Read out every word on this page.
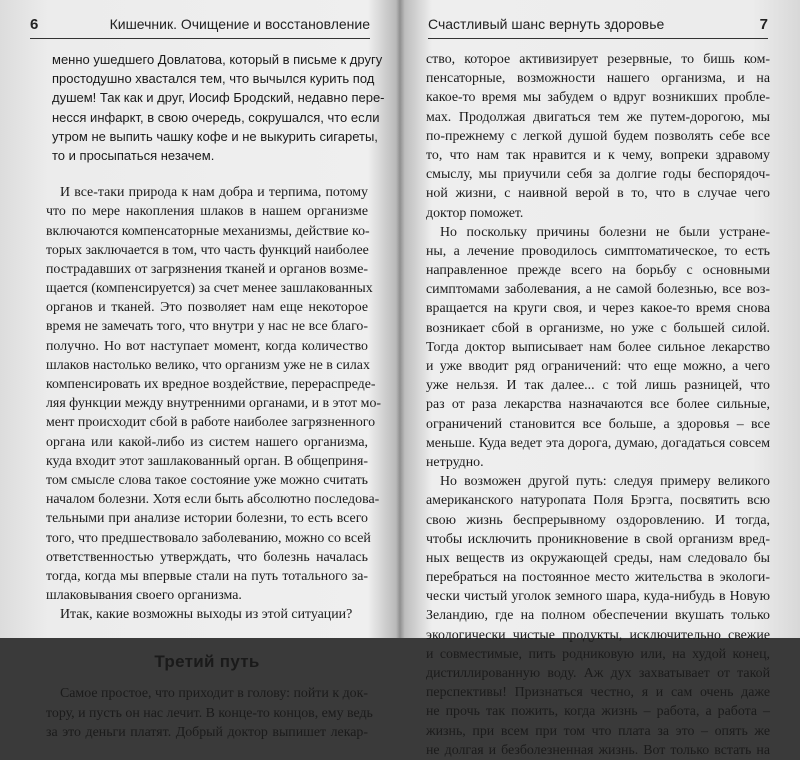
6	Кишечник. Очищение и восстановление
менно ушедшего Довлатова, который в письме к другу
простодушно хвастался тем, что вычылся курить под
душем! Так как и друг, Иосиф Бродский, недавно пере-
несся инфаркт, в свою очередь, сокрушался, что если
утром не выпить чашку кофе и не выкурить сигареты,
то и просыпаться незачем.
И все-таки природа к нам добра и терпима, потому
что по мере накопления шлаков в нашем организме
включаются компенсаторные механизмы, действие ко-
торых заключается в том, что часть функций наиболее
пострадавших от загрязнения тканей и органов возме-
щается (компенсируется) за счет менее зашлакованных
органов и тканей. Это позволяет нам еще некоторое
время не замечать того, что внутри у нас не все благо-
получно. Но вот наступает момент, когда количество
шлаков настолько велико, что организм уже не в силах
компенсировать их вредное воздействие, перераспреде-
ляя функции между внутренними органами, и в этот мо-
мент происходит сбой в работе наиболее загрязненного
органа или какой-либо из систем нашего организма,
куда входит этот зашлакованный орган. В общеприня-
том смысле слова такое состояние уже можно считать
началом болезни. Хотя если быть абсолютно последова-
тельными при анализе истории болезни, то есть всего
того, что предшествовало заболеванию, можно со всей
ответственностью утверждать, что болезнь началась
тогда, когда мы впервые стали на путь тотального за-
шлаковывания своего организма.
Итак, какие возможны выходы из этой ситуации?
Третий путь
Самое простое, что приходит в голову: пойти к док-
тору, и пусть он нас лечит. В конце-то концов, ему ведь
за это деньги платят. Добрый доктор выпишет лекар-
Счастливый шанс вернуть здоровье	7
ство, которое активизирует резервные, то бишь ком-
пенсаторные, возможности нашего организма, и на
какое-то время мы забудем о вдруг возникших пробле-
мах. Продолжая двигаться тем же путем-дорогою, мы
по-прежнему с легкой душой будем позволять себе все
то, что нам так нравится и к чему, вопреки здравому
смыслу, мы приучили себя за долгие годы беспорядоч-
ной жизни, с наивной верой в то, что в случае чего
доктор поможет.
Но поскольку причины болезни не были устране-
ны, а лечение проводилось симптоматическое, то есть
направленное прежде всего на борьбу с основными
симптомами заболевания, а не самой болезнью, все воз-
вращается на круги своя, и через какое-то время снова
возникает сбой в организме, но уже с большей силой.
Тогда доктор выписывает нам более сильное лекарство
и уже вводит ряд ограничений: что еще можно, а чего
уже нельзя. И так далее... с той лишь разницей, что
раз от раза лекарства назначаются все более сильные,
ограничений становится все больше, а здоровья – все
меньше. Куда ведет эта дорога, думаю, догадаться совсем
нетрудно.
Но возможен другой путь: следуя примеру великого
американского натуропата Поля Брэгга, посвятить всю
свою жизнь беспрерывному оздоровлению. И тогда,
чтобы исключить проникновение в свой организм вред-
ных веществ из окружающей среды, нам следовало бы
перебраться на постоянное место жительства в экологи-
чески чистый уголок земного шара, куда-нибудь в Новую
Зеландию, где на полном обеспечении вкушать только
экологически чистые продукты, исключительно свежие
и совместимые, пить родниковую или, на худой конец,
дистиллированную воду. Аж дух захватывает от такой
перспективы! Признаться честно, я и сам очень даже
не прочь так пожить, когда жизнь – работа, а работа –
жизнь, при всем при том что плата за это – опять же
не долгая и безболезненная жизнь. Вот только встать на
